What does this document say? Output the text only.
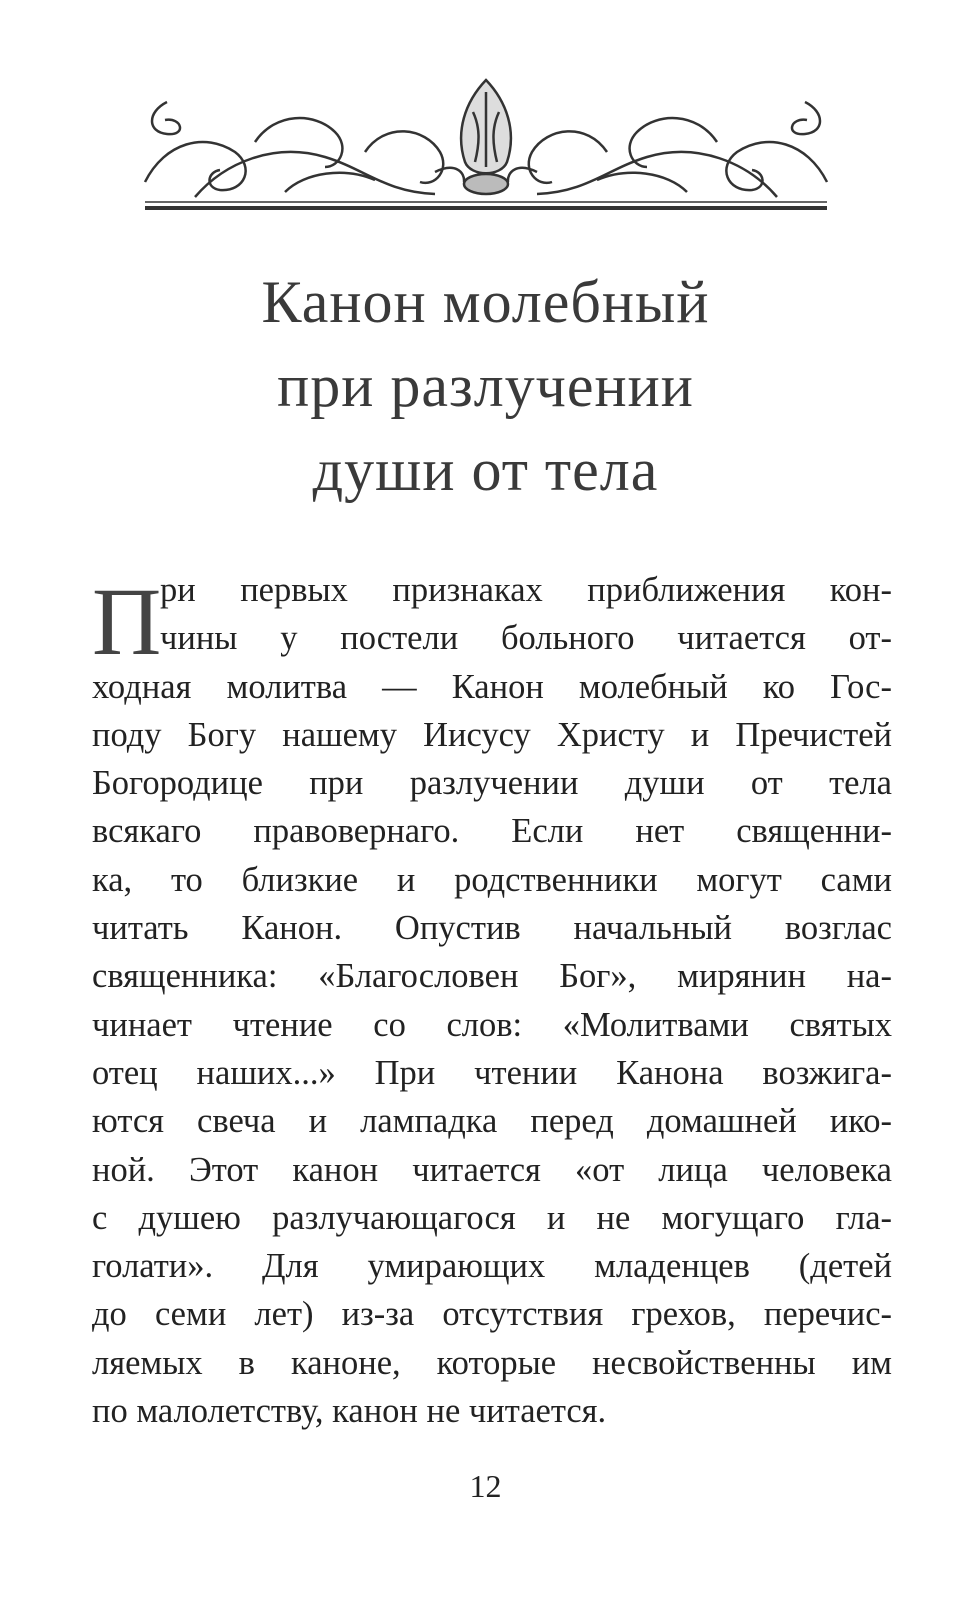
Канон молебный
при разлучении
души от тела
П
ри первых признаках приближения кон-
чины у постели больного читается от-
ходная молитва — Канон молебный ко Гос-
поду Богу нашему Иисусу Христу и Пречистей
Богородице при разлучении души от тела
всякаго правовернаго. Если нет священни-
ка, то близкие и родственники могут сами
читать Канон. Опустив начальный возглас
священника: «Благословен Бог», мирянин на-
чинает чтение со слов: «Молитвами святых
отец наших...» При чтении Канона возжига-
ются свеча и лампадка перед домашней ико-
ной. Этот канон читается «от лица человека
с душею разлучающагося и не могущаго гла-
голати». Для умирающих младенцев (детей
до семи лет) из-за отсутствия грехов, перечис-
ляемых в каноне, которые несвойственны им
по малолетству, канон не читается.
12
